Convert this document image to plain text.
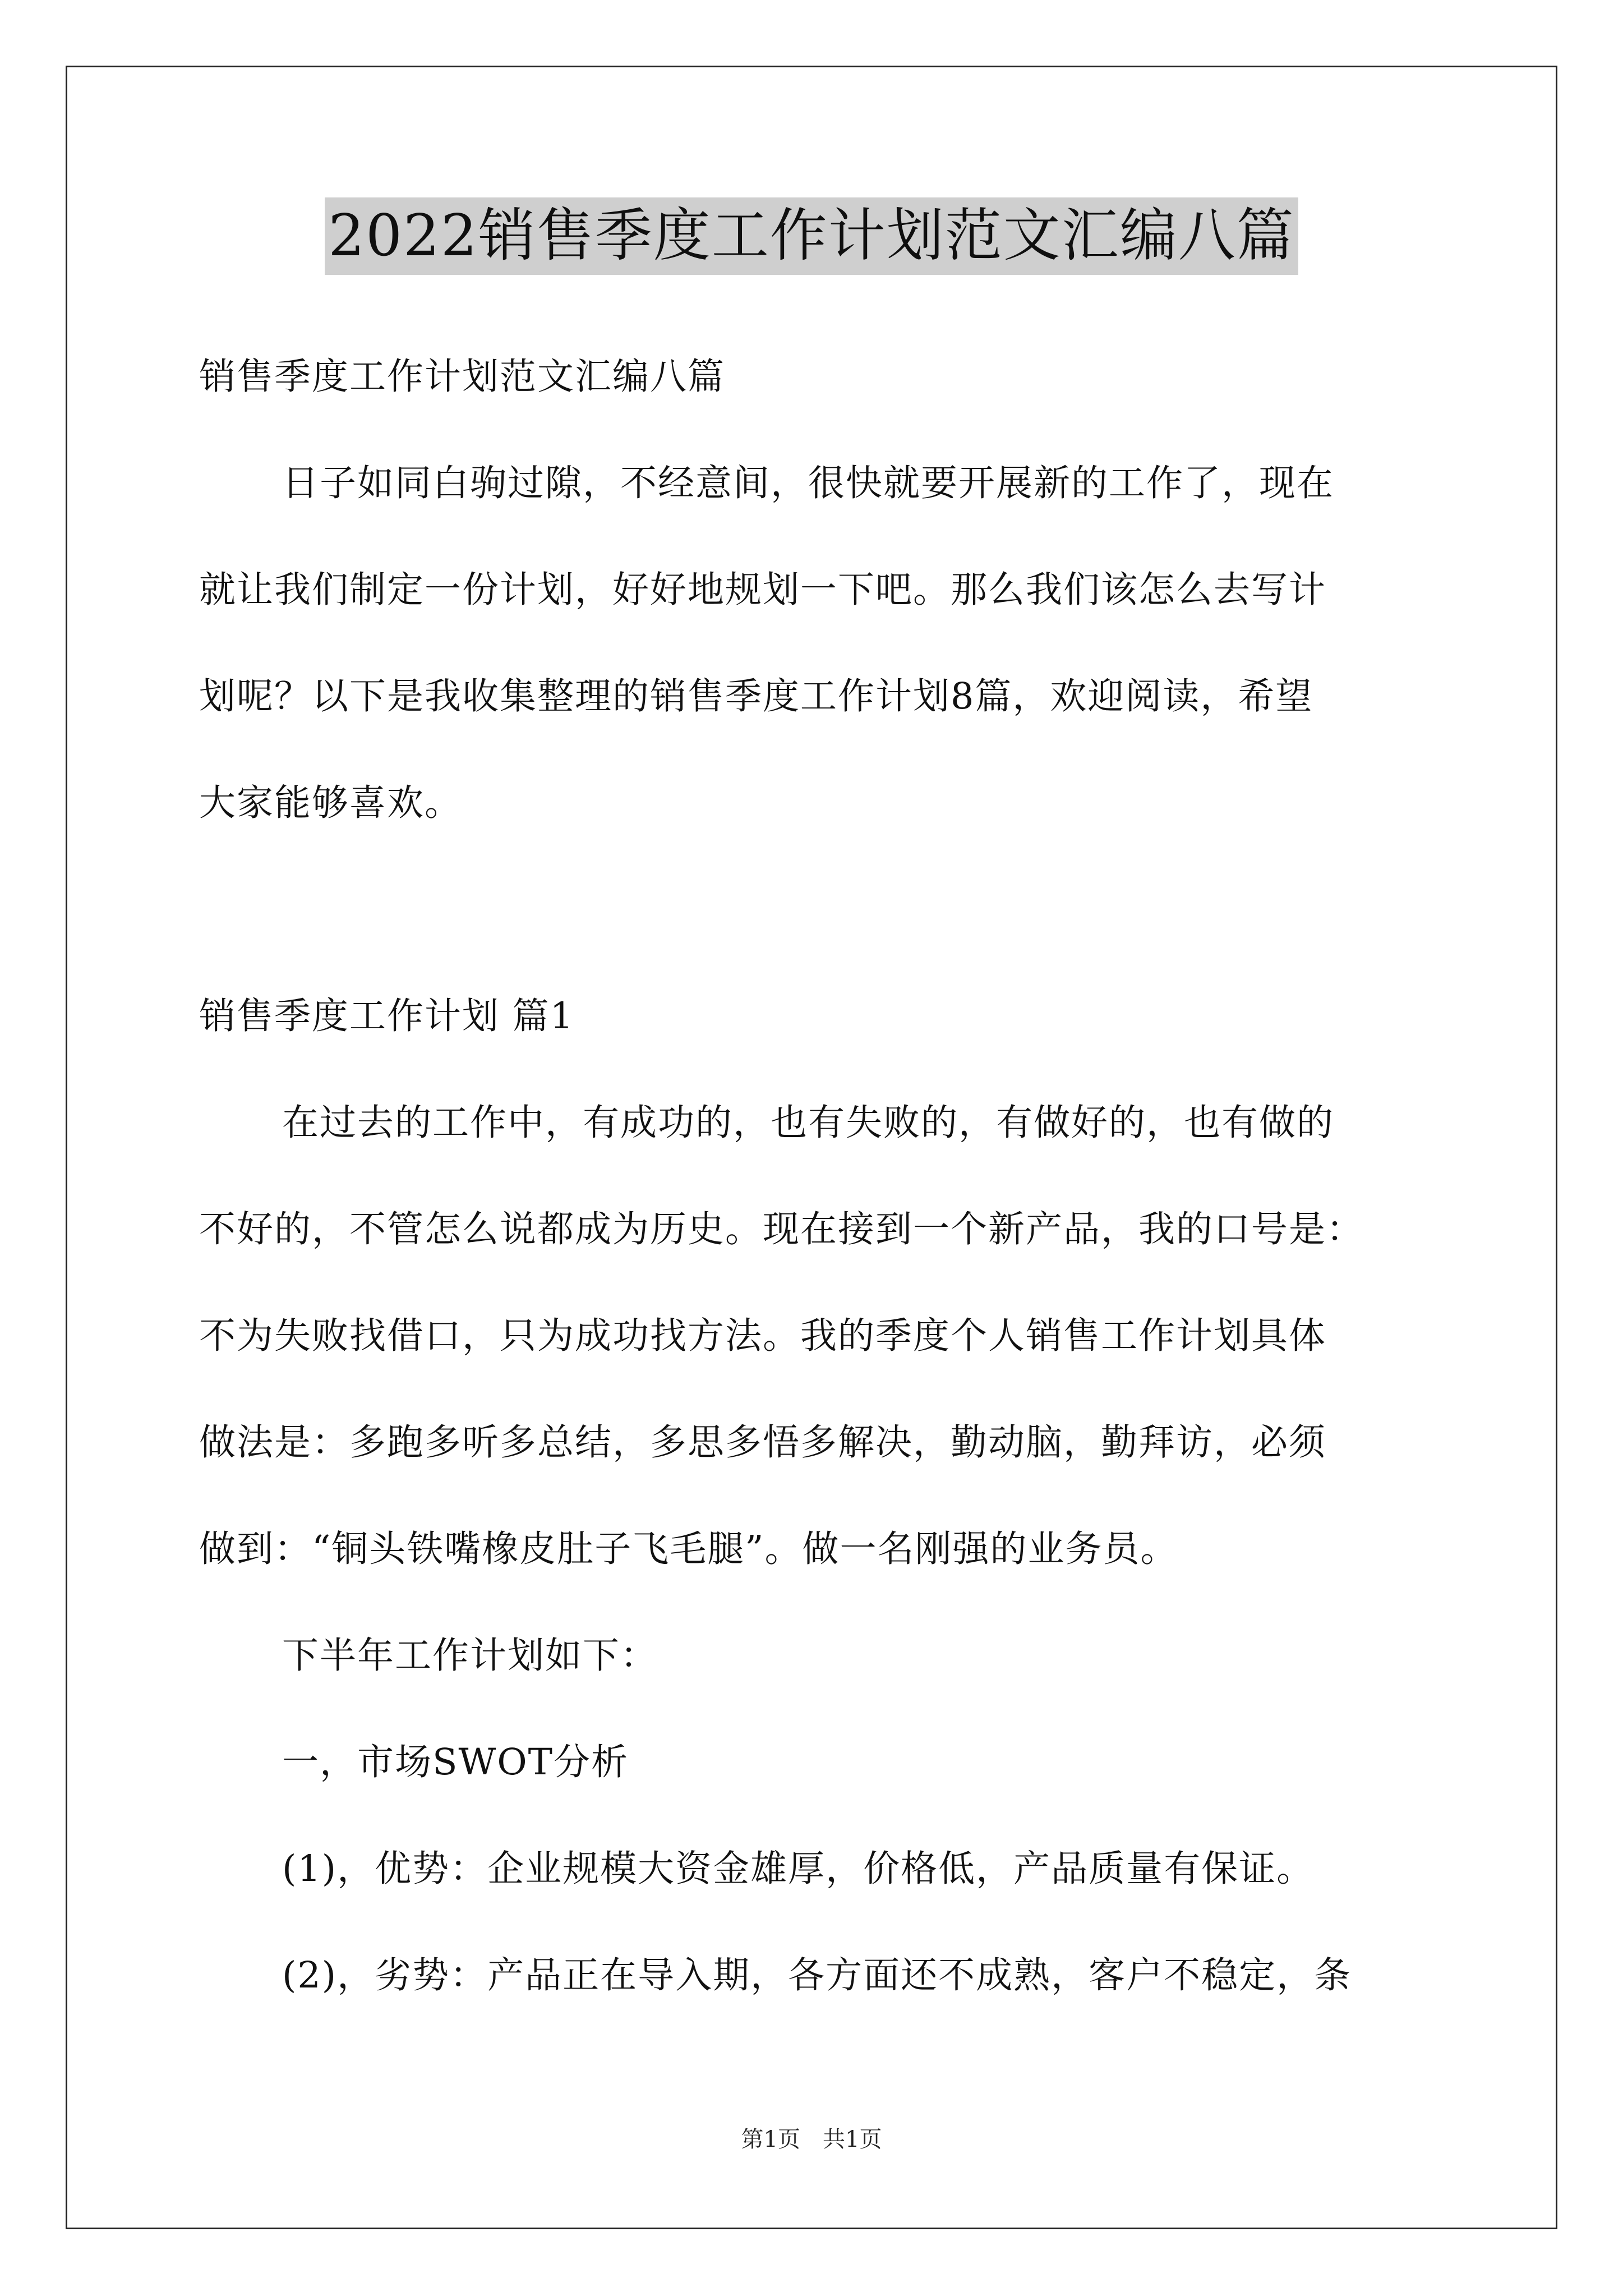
2022销售季度工作计划范文汇编八篇
销售季度工作计划范文汇编八篇
日子如同白驹过隙，不经意间，很快就要开展新的工作了，现在
就让我们制定一份计划，好好地规划一下吧。那么我们该怎么去写计
划呢？以下是我收集整理的销售季度工作计划8篇，欢迎阅读，希望
大家能够喜欢。
销售季度工作计划 篇1
在过去的工作中，有成功的，也有失败的，有做好的，也有做的
不好的，不管怎么说都成为历史。现在接到一个新产品，我的口号是：
不为失败找借口，只为成功找方法。我的季度个人销售工作计划具体
做法是：多跑多听多总结，多思多悟多解决，勤动脑，勤拜访，必须
做到：“铜头铁嘴橡皮肚子飞毛腿”。做一名刚强的业务员。
下半年工作计划如下：
一，市场SWOT分析
(1)，优势：企业规模大资金雄厚，价格低，产品质量有保证。
(2)，劣势：产品正在导入期，各方面还不成熟，客户不稳定，条
第1页　共1页
